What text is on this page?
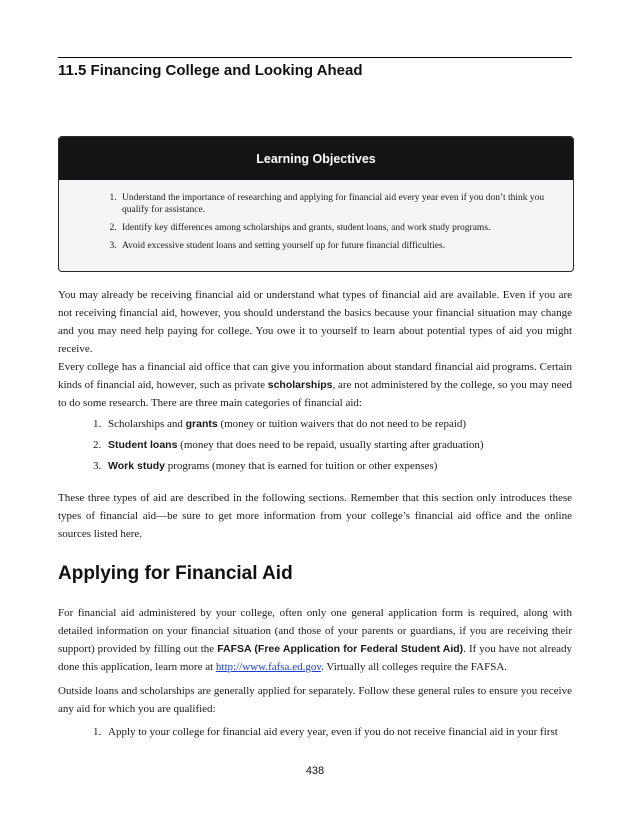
11.5 Financing College and Looking Ahead
Learning Objectives
1. Understand the importance of researching and applying for financial aid every year even if you don’t think you qualify for assistance.
2. Identify key differences among scholarships and grants, student loans, and work study programs.
3. Avoid excessive student loans and setting yourself up for future financial difficulties.

You may already be receiving financial aid or understand what types of financial aid are available. Even if you are not receiving financial aid, however, you should understand the basics because your financial situation may change and you may need help paying for college. You owe it to yourself to learn about potential types of aid you might receive.

Every college has a financial aid office that can give you information about standard financial aid programs. Certain kinds of financial aid, however, such as private scholarships, are not administered by the college, so you may need to do some research. There are three main categories of financial aid:

1. Scholarships and grants (money or tuition waivers that do not need to be repaid)
2. Student loans (money that does need to be repaid, usually starting after graduation)
3. Work study programs (money that is earned for tuition or other expenses)

These three types of aid are described in the following sections. Remember that this section only introduces these types of financial aid—be sure to get more information from your college’s financial aid office and the online sources listed here.

Applying for Financial Aid

For financial aid administered by your college, often only one general application form is required, along with detailed information on your financial situation (and those of your parents or guardians, if you are receiving their support) provided by filling out the FAFSA (Free Application for Federal Student Aid). If you have not already done this application, learn more at http://www.fafsa.ed.gov. Virtually all colleges require the FAFSA.

Outside loans and scholarships are generally applied for separately. Follow these general rules to ensure you receive any aid for which you are qualified:

1. Apply to your college for financial aid every year, even if you do not receive financial aid in your first
438
